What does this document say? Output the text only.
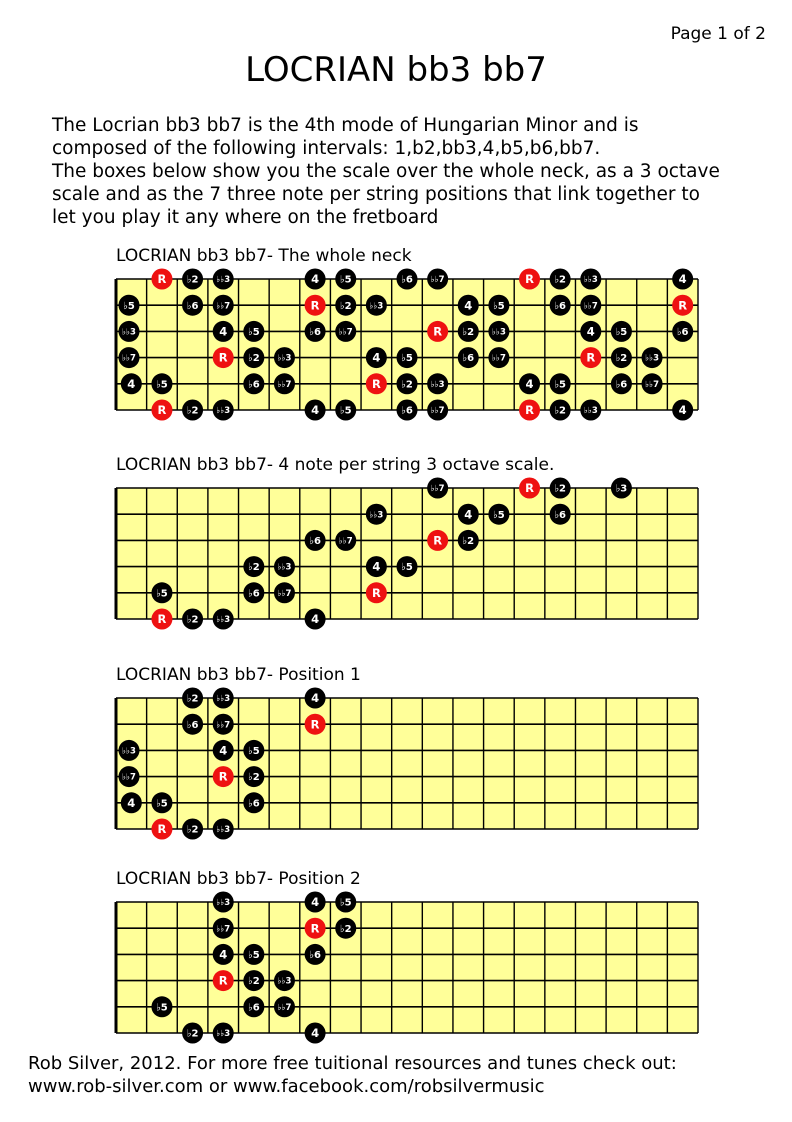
Page 1 of 2
LOCRIAN bb3 bb7

The Locrian bb3 bb7 is the 4th mode of Hungarian Minor and is

composed of the following intervals: 1,b2,bb3,4,b5,b6,bb7.

The boxes below show you the scale over the whole neck, as a 3 octave

scale and as the 7 three note per string positions that link together to

let you play it any where on the fretboard

LOCRIAN bb3 bb7- The whole neck
R ♭2 ♭♭3	4 ♭5	♭6 ♭♭7	R ♭2 ♭♭3	4
♭5	♭6 ♭♭7	R ♭2 ♭♭3	4 ♭5	♭6 ♭♭7	R
♭♭3	4 ♭5	♭6 ♭♭7	R ♭2 ♭♭3	4 ♭5	♭6
♭♭7	R ♭2 ♭♭3	4 ♭5	♭6 ♭♭7	R ♭2 ♭♭3
4 ♭5	♭6 ♭♭7	R ♭2 ♭♭3	4 ♭5	♭6 ♭♭7
R ♭2 ♭♭3	4 ♭5	♭6 ♭♭7	R ♭2 ♭♭3	4
LOCRIAN bb3 bb7- 4 note per string 3 octave scale.
♭♭7	R ♭2	♭3
♭♭3	4 ♭5	♭6
♭6 ♭♭7	R ♭2
♭2 ♭♭3	4 ♭5
♭5	♭6 ♭♭7	R
R ♭2 ♭♭3	4
LOCRIAN bb3 bb7- Position 1
♭2 ♭♭3	4
♭6 ♭♭7	R
♭♭3	4 ♭5
♭♭7	R ♭2
4 ♭5	♭6
R ♭2 ♭♭3
LOCRIAN bb3 bb7- Position 2
♭♭3	4 ♭5
♭♭7	R ♭2
4 ♭5	♭6
R ♭2 ♭♭3
♭5	♭6 ♭♭7
♭2 ♭♭3	4

Rob Silver, 2012. For more free tuitional resources and tunes check out:

www.rob-silver.com or www.facebook.com/robsilvermusic
